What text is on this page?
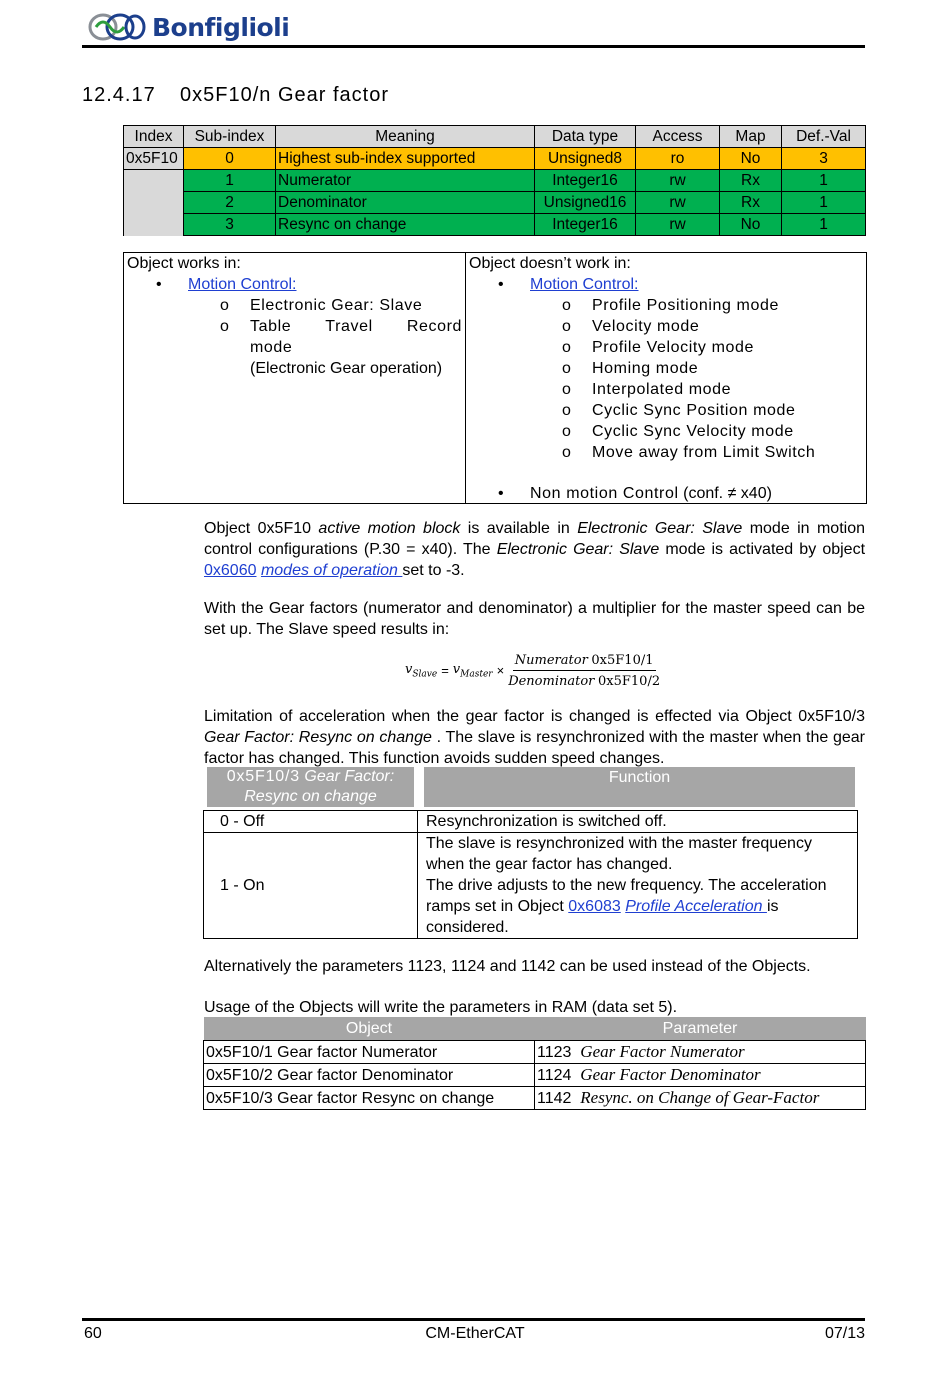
Bonfiglioli
12.4.17 0x5F10/n Gear factor
Index	Sub-index	Meaning	Data type	Access	Map	Def.-Val
0x5F10	0	Highest sub-index supported	Unsigned8	ro	No	3
	1	Numerator	Integer16	rw	Rx	1
	2	Denominator	Unsigned16	rw	Rx	1
	3	Resync on change	Integer16	rw	No	1
Object works in:
• Motion Control:
o Electronic Gear: Slave
o Table Travel Record
mode
(Electronic Gear operation)
Object doesn’t work in:
• Motion Control:
o Profile Positioning mode
o Velocity mode
o Profile Velocity mode
o Homing mode
o Interpolated mode
o Cyclic Sync Position mode
o Cyclic Sync Velocity mode
o Move away from Limit Switch
• Non motion Control (conf. ≠ x40)

Object 0x5F10 active motion block is available in Electronic Gear: Slave mode in motion control configurations (P.30 = x40). The Electronic Gear: Slave mode is activated by object 0x6060 modes of operation set to -3.

With the Gear factors (numerator and denominator) a multiplier for the master speed can be set up. The Slave speed results in:

$v_{Slave} = v_{Master} \times \frac{\text{Numerator 0x5F10/1}}{\text{Denominator 0x5F10/2}}$

Limitation of acceleration when the gear factor is changed is effected via Object 0x5F10/3 Gear Factor: Resync on change . The slave is resynchronized with the master when the gear factor has changed. This function avoids sudden speed changes.

0x5F10/3 Gear Factor: Resync on change
Function
0 - Off	Resynchronization is switched off.
1 - On	The slave is resynchronized with the master frequency when the gear factor has changed.
The drive adjusts to the new frequency. The acceleration ramps set in Object 0x6083 Profile Acceleration is considered.

Alternatively the parameters 1123, 1124 and 1142 can be used instead of the Objects.

Usage of the Objects will write the parameters in RAM (data set 5).

Object	Parameter
0x5F10/1 Gear factor Numerator	1123 Gear Factor Numerator
0x5F10/2 Gear factor Denominator	1124 Gear Factor Denominator
0x5F10/3 Gear factor Resync on change	1142 Resync. on Change of Gear-Factor
60	CM-EtherCAT	07/13
